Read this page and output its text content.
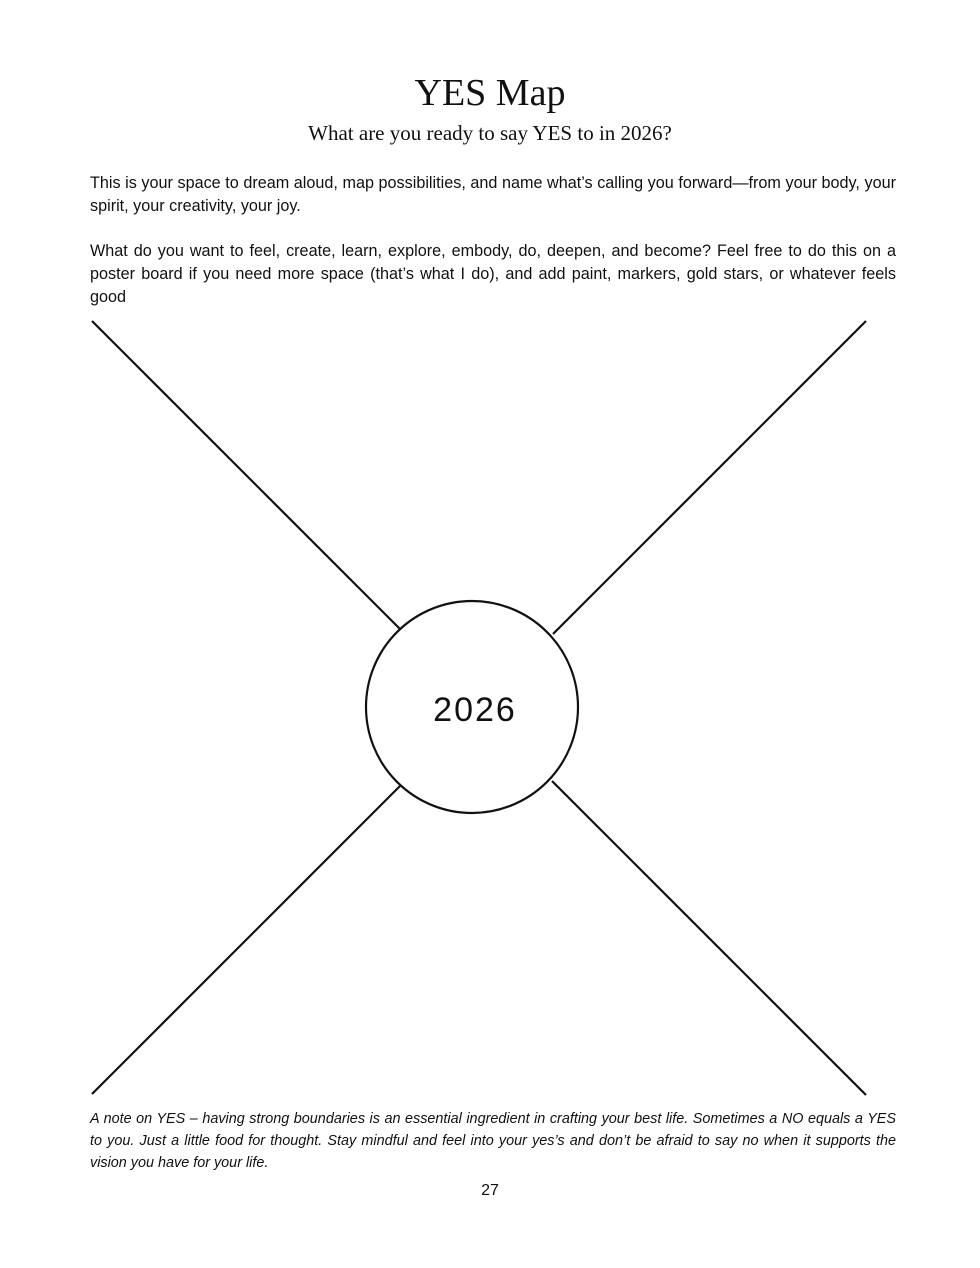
YES Map

What are you ready to say YES to in 2026?

This is your space to dream aloud, map possibilities, and name what’s calling you forward—from your body, your spirit, your creativity, your joy.

What do you want to feel, create, learn, explore, embody, do, deepen, and become? Feel free to do this on a poster board if you need more space (that’s what I do), and add paint, markers, gold stars, or whatever feels good

2026

A note on YES – having strong boundaries is an essential ingredient in crafting your best life. Sometimes a NO equals a YES to you. Just a little food for thought. Stay mindful and feel into your yes’s and don’t be afraid to say no when it supports the vision you have for your life.

27
